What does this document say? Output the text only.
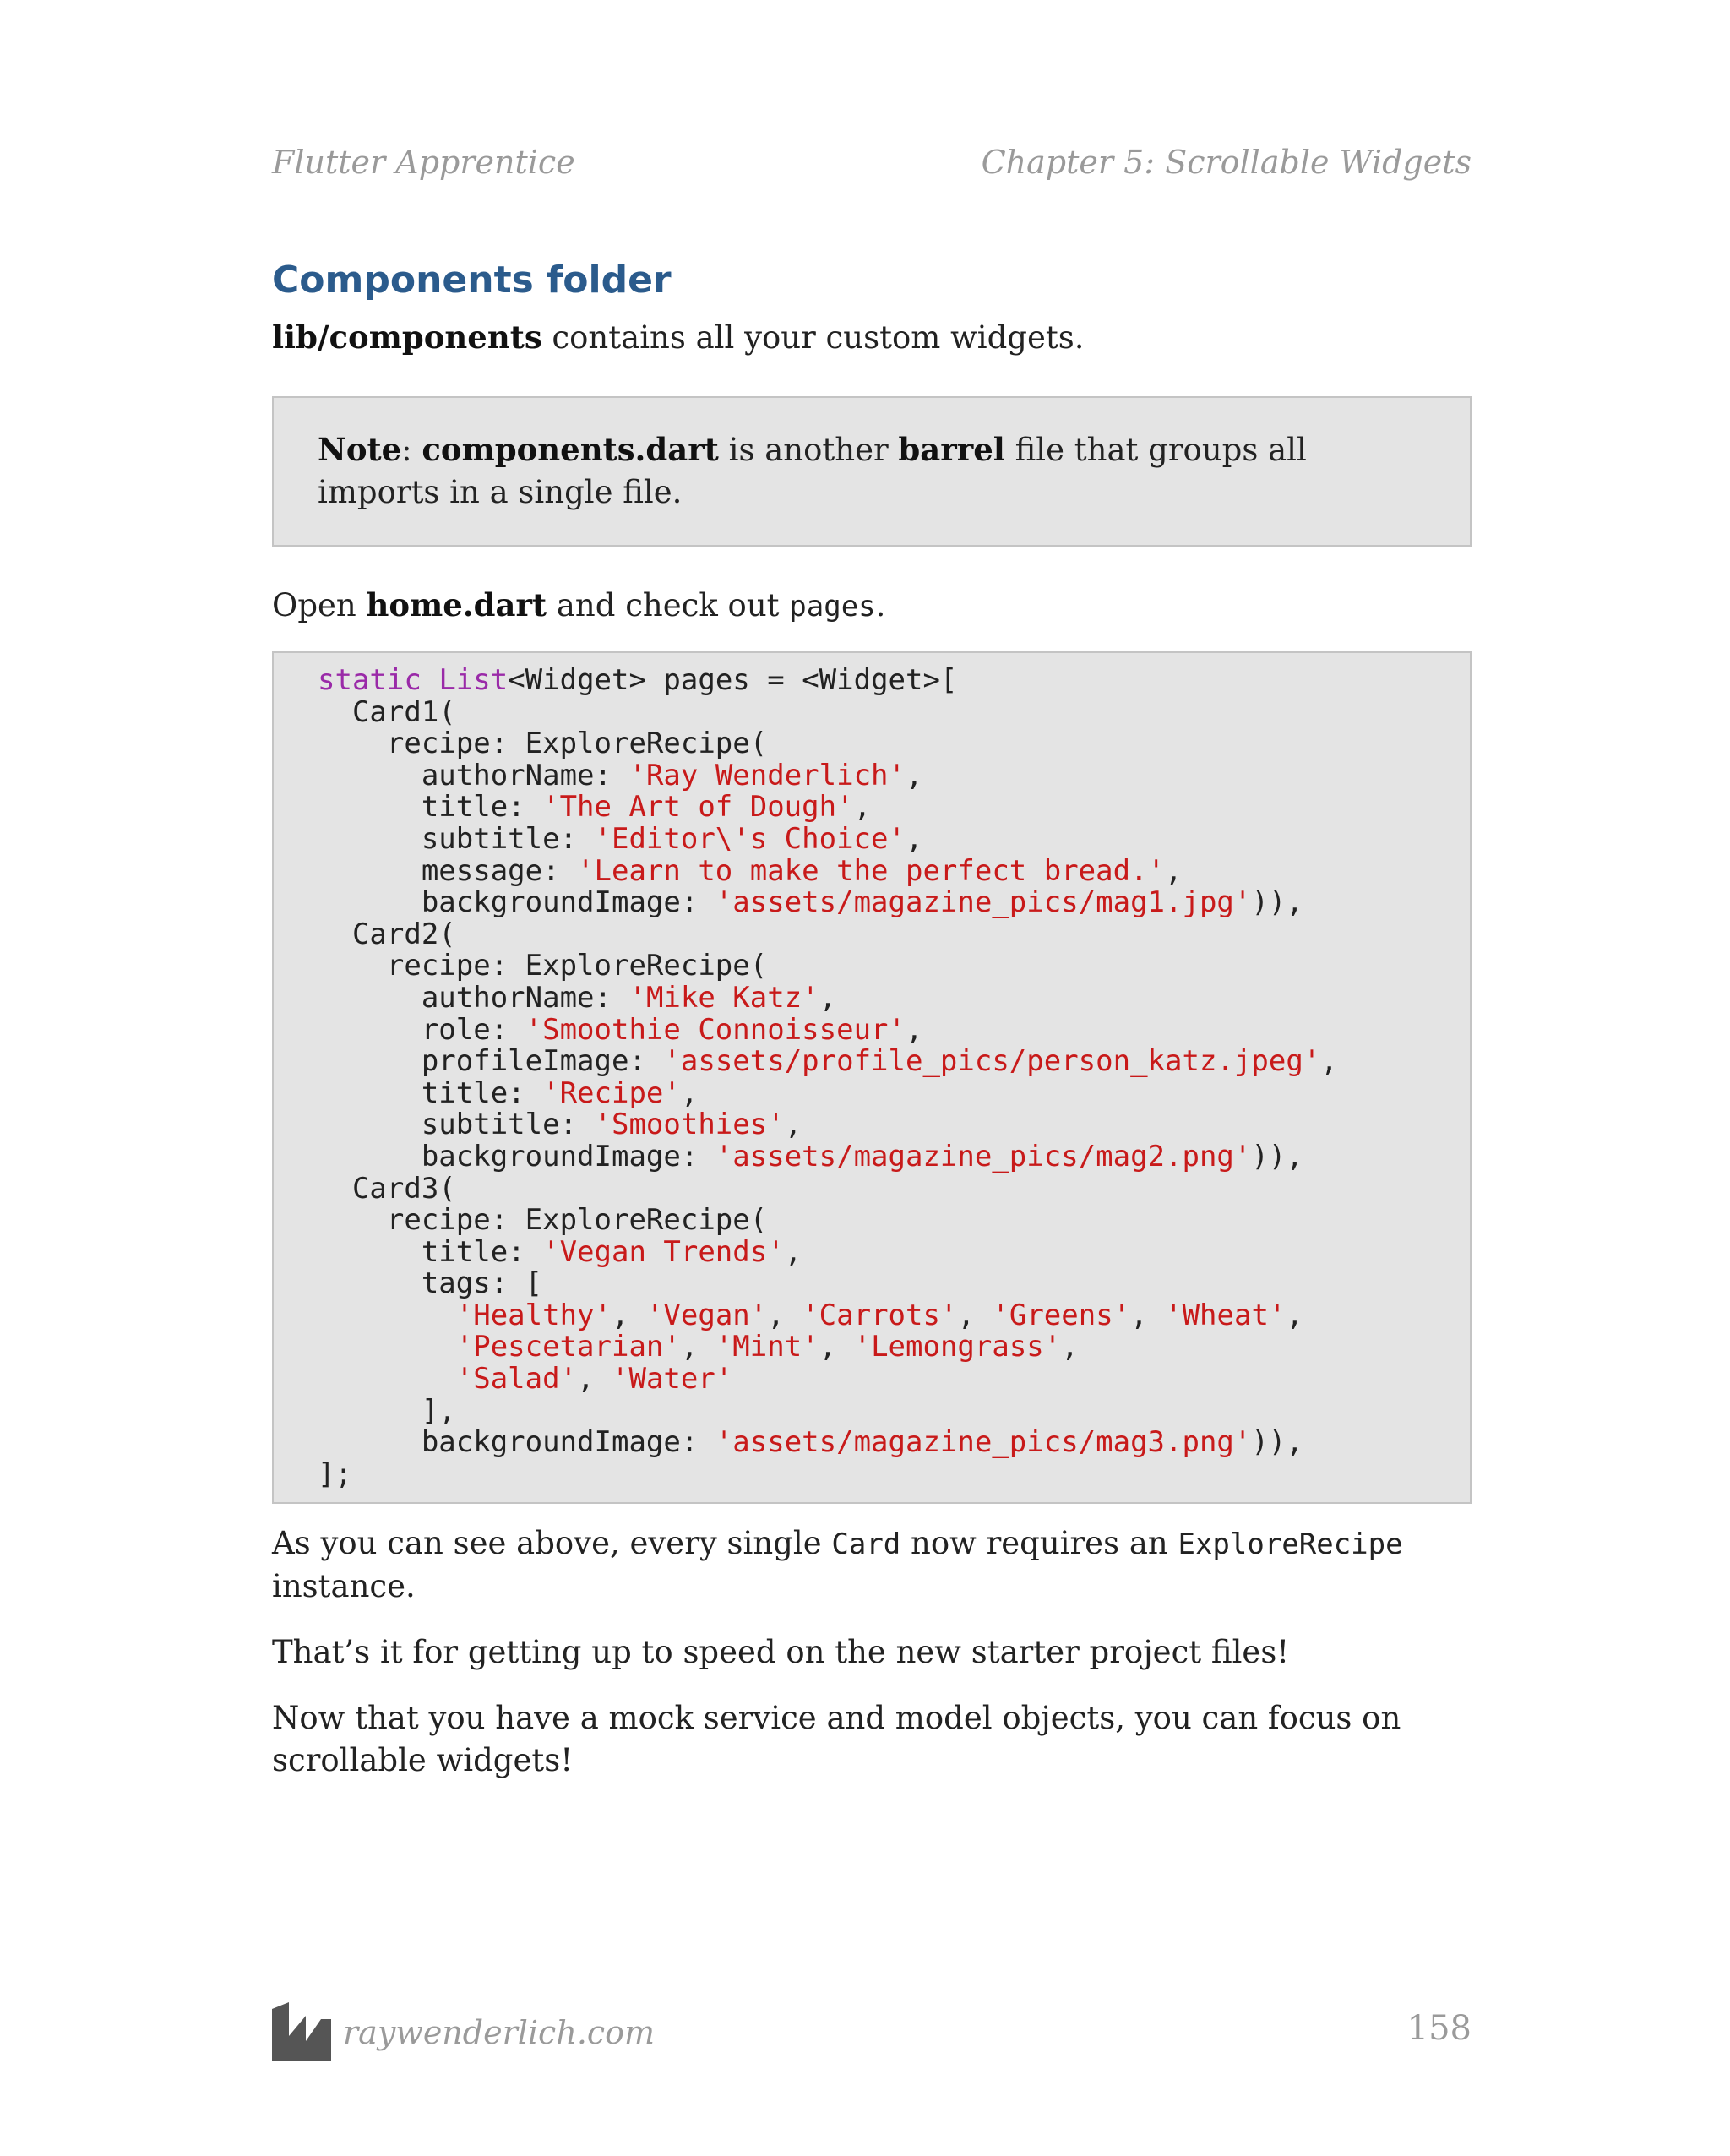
Flutter Apprentice	Chapter 5: Scrollable Widgets
Components folder

lib/components contains all your custom widgets.

Note: components.dart is another barrel file that groups all imports in a single file.

Open home.dart and check out pages.

static List<Widget> pages = <Widget>[
Card1(
recipe: ExploreRecipe(
authorName: 'Ray Wenderlich',
title: 'The Art of Dough',
subtitle: 'Editor\'s Choice',
message: 'Learn to make the perfect bread.',
backgroundImage: 'assets/magazine_pics/mag1.jpg')),
Card2(
recipe: ExploreRecipe(
authorName: 'Mike Katz',
role: 'Smoothie Connoisseur',
profileImage: 'assets/profile_pics/person_katz.jpeg',
title: 'Recipe',
subtitle: 'Smoothies',
backgroundImage: 'assets/magazine_pics/mag2.png')),
Card3(
recipe: ExploreRecipe(
title: 'Vegan Trends',
tags: [
'Healthy', 'Vegan', 'Carrots', 'Greens', 'Wheat',
'Pescetarian', 'Mint', 'Lemongrass',
'Salad', 'Water'
],
backgroundImage: 'assets/magazine_pics/mag3.png')),
];

As you can see above, every single Card now requires an ExploreRecipe instance.

That’s it for getting up to speed on the new starter project files!

Now that you have a mock service and model objects, you can focus on scrollable widgets!

raywenderlich.com	158
